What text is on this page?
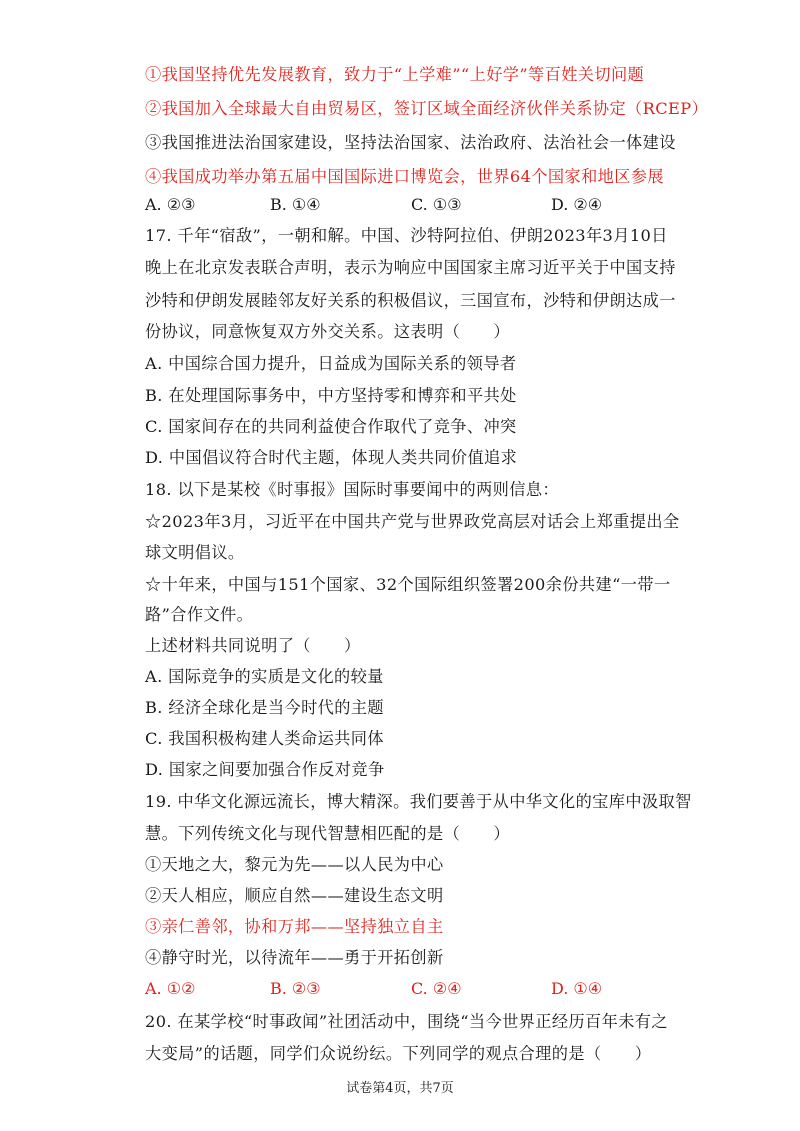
①我国坚持优先发展教育，致力于“上学难”“上好学”等百姓关切问题
②我国加入全球最大自由贸易区，签订区域全面经济伙伴关系协定（RCEP）
③我国推进法治国家建设，坚持法治国家、法治政府、法治社会一体建设
④我国成功举办第五届中国国际进口博览会，世界64个国家和地区参展
A. ②③	B. ①④	C. ①③	D. ②④
17. 千年“宿敌”，一朝和解。中国、沙特阿拉伯、伊朗2023年3月10日
晚上在北京发表联合声明，表示为响应中国国家主席习近平关于中国支持
沙特和伊朗发展睦邻友好关系的积极倡议，三国宣布，沙特和伊朗达成一
份协议，同意恢复双方外交关系。这表明（　　）
A. 中国综合国力提升，日益成为国际关系的领导者
B. 在处理国际事务中，中方坚持零和博弈和平共处
C. 国家间存在的共同利益使合作取代了竞争、冲突
D. 中国倡议符合时代主题，体现人类共同价值追求
18. 以下是某校《时事报》国际时事要闻中的两则信息：
☆2023年3月，习近平在中国共产党与世界政党高层对话会上郑重提出全
球文明倡议。
☆十年来，中国与151个国家、32个国际组织签署200余份共建“一带一
路”合作文件。
上述材料共同说明了（　　）
A. 国际竞争的实质是文化的较量
B. 经济全球化是当今时代的主题
C. 我国积极构建人类命运共同体
D. 国家之间要加强合作反对竞争
19. 中华文化源远流长，博大精深。我们要善于从中华文化的宝库中汲取智
慧。下列传统文化与现代智慧相匹配的是（　　）
①天地之大，黎元为先——以人民为中心
②天人相应，顺应自然——建设生态文明
③亲仁善邻，协和万邦——坚持独立自主
④静守时光，以待流年——勇于开拓创新
A. ①②	B. ②③	C. ②④	D. ①④
20. 在某学校“时事政闻”社团活动中，围绕“当今世界正经历百年未有之
大变局”的话题，同学们众说纷纭。下列同学的观点合理的是（　　）
试卷第4页，共7页
